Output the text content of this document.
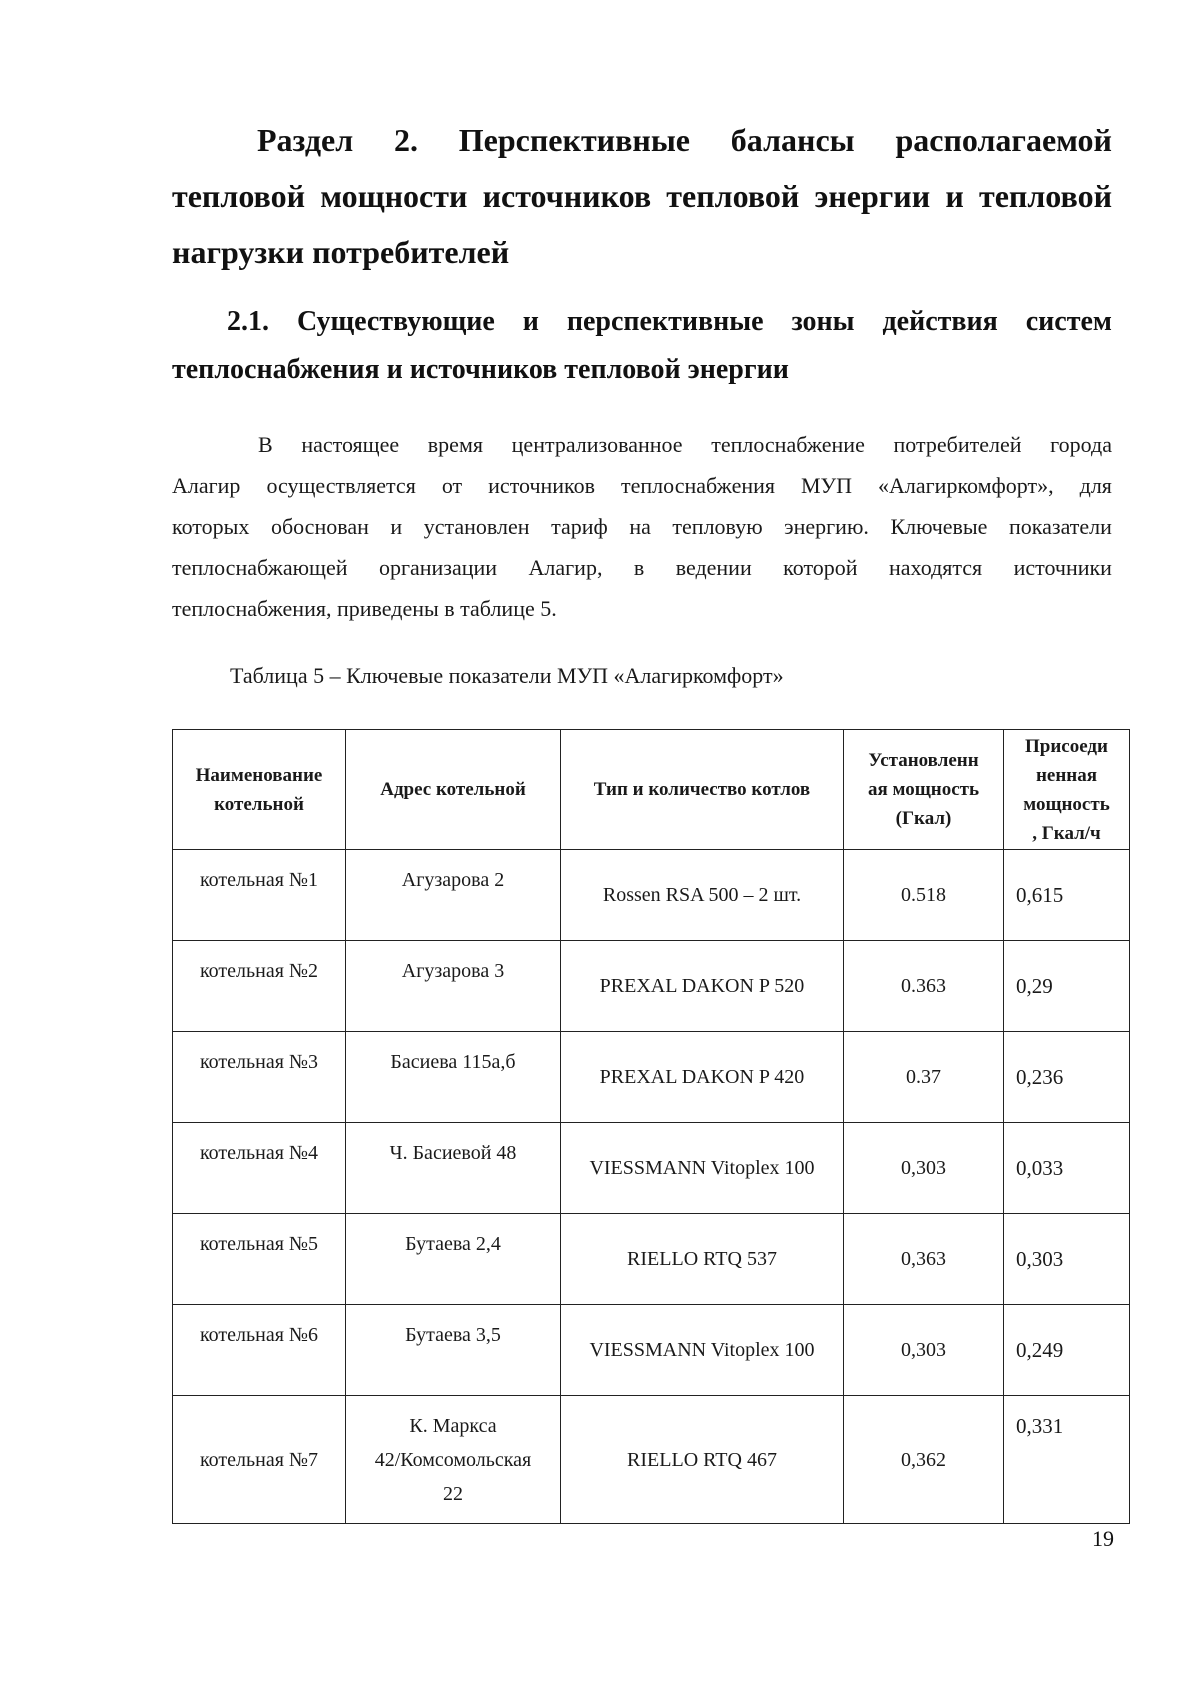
Раздел 2. Перспективные балансы располагаемой
тепловой мощности источников тепловой энергии и тепловой
нагрузки потребителей
2.1. Существующие и перспективные зоны действия систем
теплоснабжения и источников тепловой энергии
В настоящее время централизованное теплоснабжение потребителей города
Алагир осуществляется от источников теплоснабжения МУП «Алагиркомфорт», для
которых обоснован и установлен тариф на тепловую энергию. Ключевые показатели
теплоснабжающей организации Алагир, в ведении которой находятся источники
теплоснабжения, приведены в таблице 5.
Таблица 5 – Ключевые показатели МУП «Алагиркомфорт»
Наименование
котельной	Адрес котельной	Тип и количество котлов	Установленн
ая мощность
(Гкал)	Присоеди
ненная
мощность
, Гкал/ч
котельная №1	Агузарова 2	Rossen RSA 500 – 2 шт.	0.518	0,615
котельная №2	Агузарова 3	PREXAL DAKON P 520	0.363	0,29
котельная №3	Басиева 115а,б	PREXAL DAKON P 420	0.37	0,236
котельная №4	Ч. Басиевой 48	VIESSMANN Vitoplex 100	0,303	0,033
котельная №5	Бутаева 2,4	RIELLO RTQ 537	0,363	0,303
котельная №6	Бутаева 3,5	VIESSMANN Vitoplex 100	0,303	0,249
котельная №7	К. Маркса
42/Комсомольская
22	RIELLO RTQ 467	0,362	0,331
19
